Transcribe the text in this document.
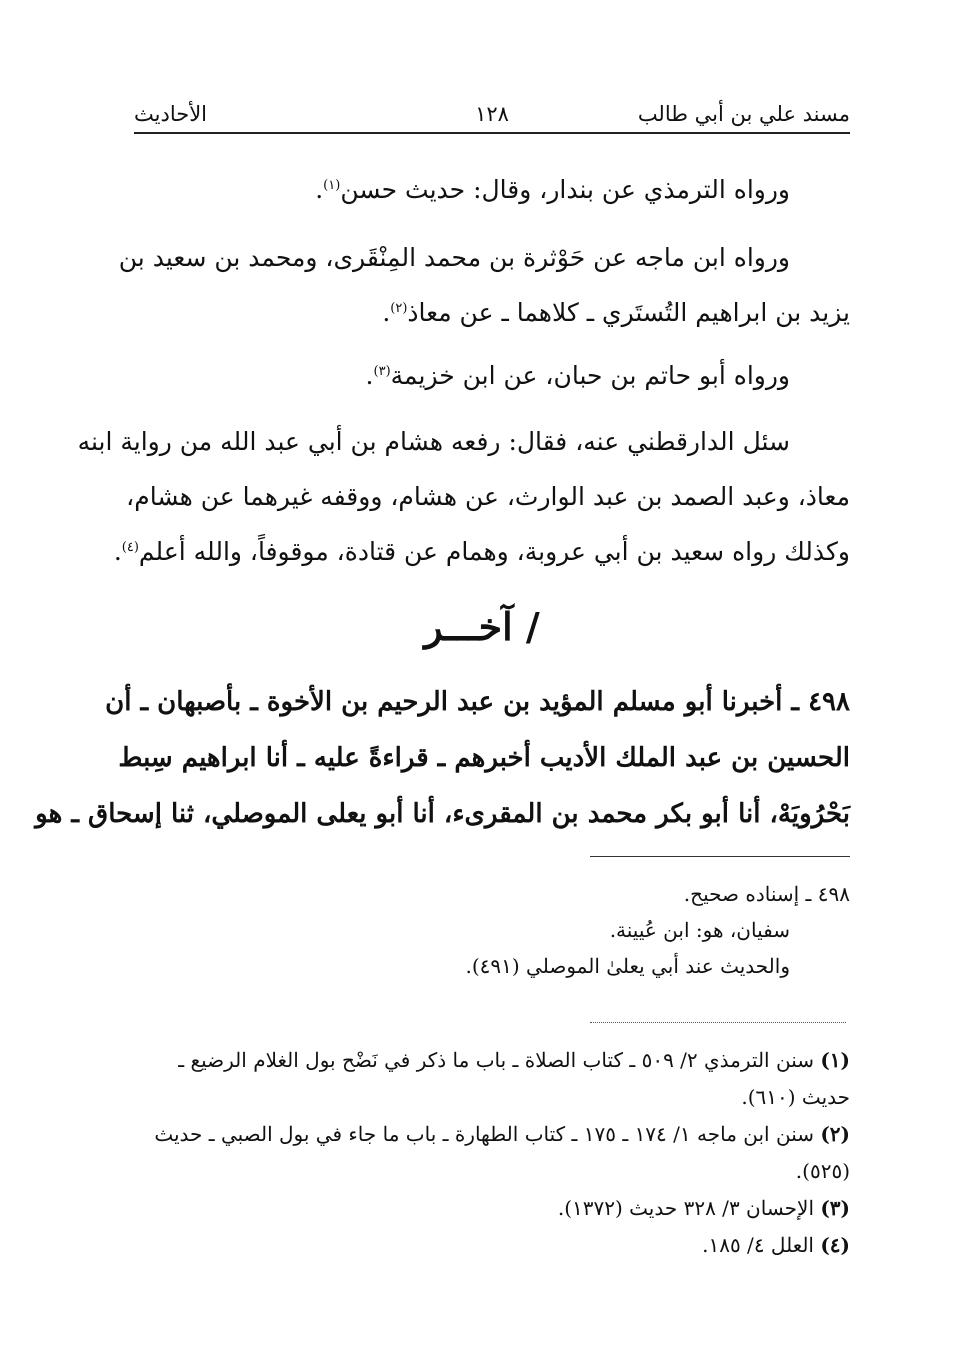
مسند علي بن أبي طالب
١٢٨
الأحاديث
ورواه الترمذي عن بندار، وقال: حديث حسن$^{(١)}$.
ورواه ابن ماجه عن حَوْثرة بن محمد المِنْقَرى، ومحمد بن سعيد بن
يزيد بن ابراهيم التُستَري ـ كلاهما ـ عن معاذ$^{(٢)}$.
ورواه أبو حاتم بن حبان، عن ابن خزيمة$^{(٣)}$.
سئل الدارقطني عنه، فقال: رفعه هشام بن أبي عبد الله من رواية ابنه
معاذ، وعبد الصمد بن عبد الوارث، عن هشام، ووقفه غيرهما عن هشام،
وكذلك رواه سعيد بن أبي عروبة، وهمام عن قتادة، موقوفاً، والله أعلم$^{(٤)}$.
/ آخـــر
٤٩٨ ـ أخبرنا أبو مسلم المؤيد بن عبد الرحيم بن الأخوة ـ بأصبهان ـ أن
الحسين بن عبد الملك الأديب أخبرهم ـ قراءةً عليه ـ أنا ابراهيم سِبط
بَحْرُويَهْ، أنا أبو بكر محمد بن المقرىء، أنا أبو يعلى الموصلي، ثنا إسحاق ـ هو
٤٩٨ ـ إسناده صحيح.
سفيان، هو: ابن عُيينة.
والحديث عند أبي يعلىٰ الموصلي (٤٩١).
(١)سنن الترمذي ٢/ ٥٠٩ ـ كتاب الصلاة ـ باب ما ذكر في نَضْح بول الغلام الرضيع ـ
حديث (٦١٠).
(٢)سنن ابن ماجه ١/ ١٧٤ ـ ١٧٥ ـ كتاب الطهارة ـ باب ما جاء في بول الصبي ـ حديث
(٥٢٥).
(٣)الإحسان ٣/ ٣٢٨ حديث (١٣٧٢).
(٤)العلل ٤/ ١٨٥.
